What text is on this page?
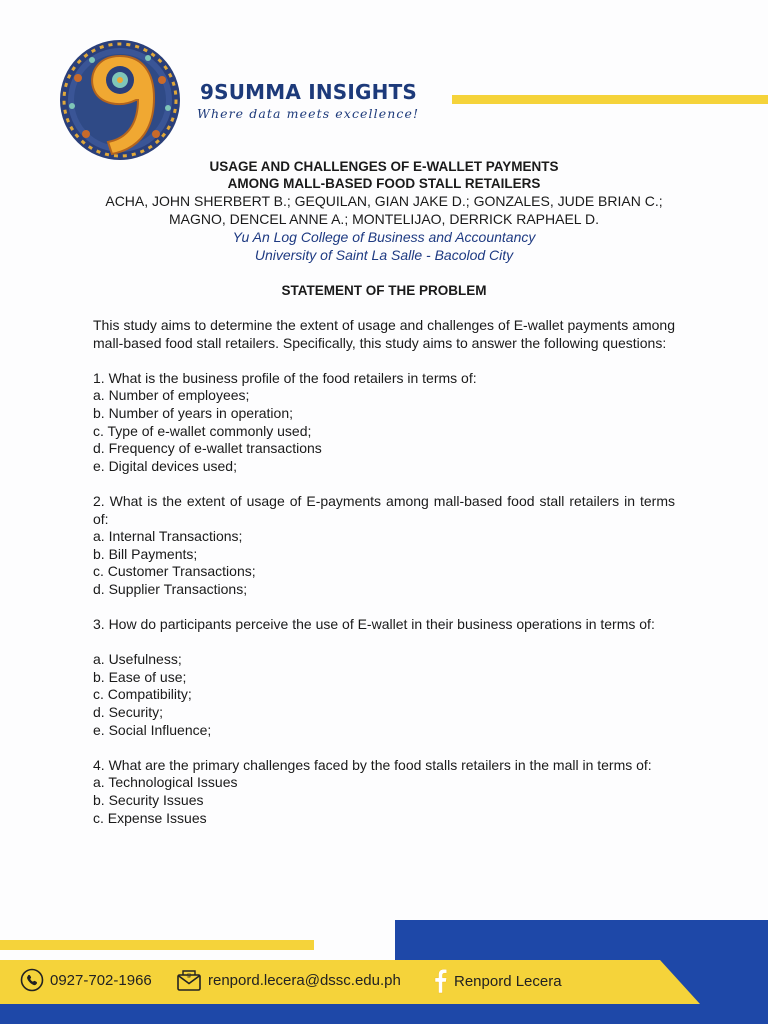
9SUMMA INSIGHTS

Where data meets excellence!

USAGE AND CHALLENGES OF E-WALLET PAYMENTS

AMONG MALL-BASED FOOD STALL RETAILERS

ACHA, JOHN SHERBERT B.; GEQUILAN, GIAN JAKE D.; GONZALES, JUDE BRIAN C.;

MAGNO, DENCEL ANNE A.; MONTELIJAO, DERRICK RAPHAEL D.

Yu An Log College of Business and Accountancy

University of Saint La Salle - Bacolod City

STATEMENT OF THE PROBLEM

This study aims to determine the extent of usage and challenges of E-wallet payments among mall-based food stall retailers. Specifically, this study aims to answer the following questions:

1. What is the business profile of the food retailers in terms of:

a. Number of employees;

b. Number of years in operation;

c. Type of e-wallet commonly used;

d. Frequency of e-wallet transactions

e. Digital devices used;

2. What is the extent of usage of E-payments among mall-based food stall retailers in terms of:

a. Internal Transactions;

b. Bill Payments;

c. Customer Transactions;

d. Supplier Transactions;

3. How do participants perceive the use of E-wallet in their business operations in terms of:

a. Usefulness;

b. Ease of use;

c. Compatibility;

d. Security;

e. Social Influence;

4. What are the primary challenges faced by the food stalls retailers in the mall in terms of:

a. Technological Issues

b. Security Issues

c. Expense Issues

0927-702-1966	@ renpord.lecera@dssc.edu.ph	Renpord Lecera
